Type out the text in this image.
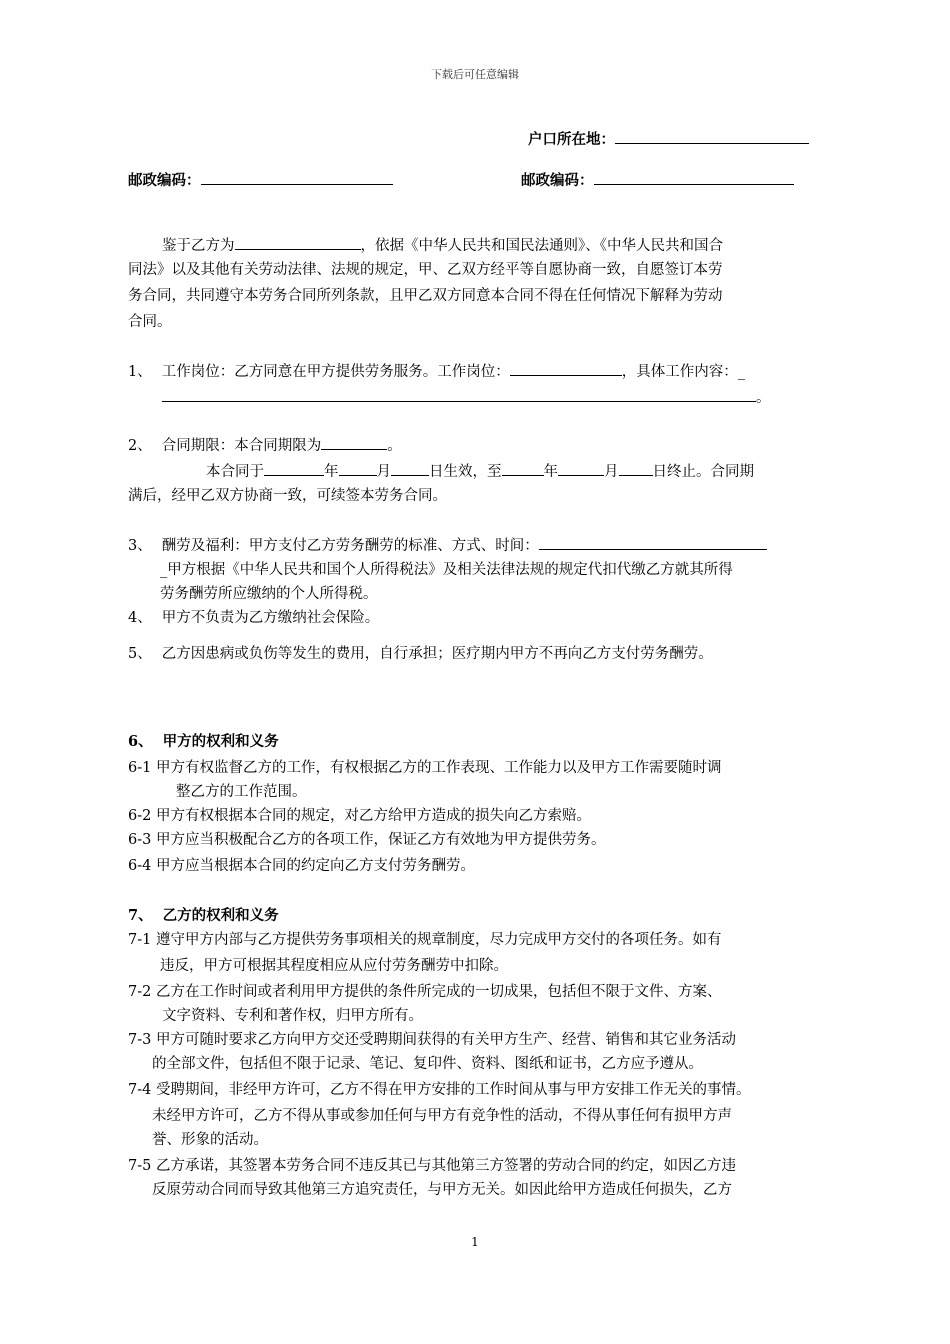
下载后可任意编辑
户口所在地：
邮政编码：	邮政编码：
鉴于乙方为	，依据《中华人民共和国民法通则》、《中华人民共和国合
同法》以及其他有关劳动法律、法规的规定，甲、乙双方经平等自愿协商一致，自愿签订本劳
务合同，共同遵守本劳务合同所列条款，且甲乙双方同意本合同不得在任何情况下解释为劳动
合同。
1、 工作岗位：乙方同意在甲方提供劳务服务。工作岗位：	，具体工作内容：_
。
2、 合同期限：本合同期限为	。
本合同于	年	月	日生效，至	年	月 日终止。合同期
满后，经甲乙双方协商一致，可续签本劳务合同。
3、 酬劳及福利：甲方支付乙方劳务酬劳的标准、方式、时间：
_甲方根据《中华人民共和国个人所得税法》及相关法律法规的规定代扣代缴乙方就其所得
劳务酬劳所应缴纳的个人所得税。
4、 甲方不负责为乙方缴纳社会保险。
5、 乙方因患病或负伤等发生的费用，自行承担；医疗期内甲方不再向乙方支付劳务酬劳。
6、 甲方的权利和义务
6-1 甲方有权监督乙方的工作，有权根据乙方的工作表现、工作能力以及甲方工作需要随时调
整乙方的工作范围。
6-2 甲方有权根据本合同的规定，对乙方给甲方造成的损失向乙方索赔。
6-3 甲方应当积极配合乙方的各项工作，保证乙方有效地为甲方提供劳务。
6-4 甲方应当根据本合同的约定向乙方支付劳务酬劳。
7、 乙方的权利和义务
7-1 遵守甲方内部与乙方提供劳务事项相关的规章制度，尽力完成甲方交付的各项任务。如有
违反，甲方可根据其程度相应从应付劳务酬劳中扣除。
7-2 乙方在工作时间或者利用甲方提供的条件所完成的一切成果，包括但不限于文件、方案、
文字资料、专利和著作权，归甲方所有。
7-3 甲方可随时要求乙方向甲方交还受聘期间获得的有关甲方生产、经营、销售和其它业务活动
的全部文件，包括但不限于记录、笔记、复印件、资料、图纸和证书，乙方应予遵从。
7-4 受聘期间，非经甲方许可，乙方不得在甲方安排的工作时间从事与甲方安排工作无关的事情。
未经甲方许可，乙方不得从事或参加任何与甲方有竞争性的活动，不得从事任何有损甲方声
誉、形象的活动。
7-5 乙方承诺，其签署本劳务合同不违反其已与其他第三方签署的劳动合同的约定，如因乙方违
反原劳动合同而导致其他第三方追究责任，与甲方无关。如因此给甲方造成任何损失，乙方
1
